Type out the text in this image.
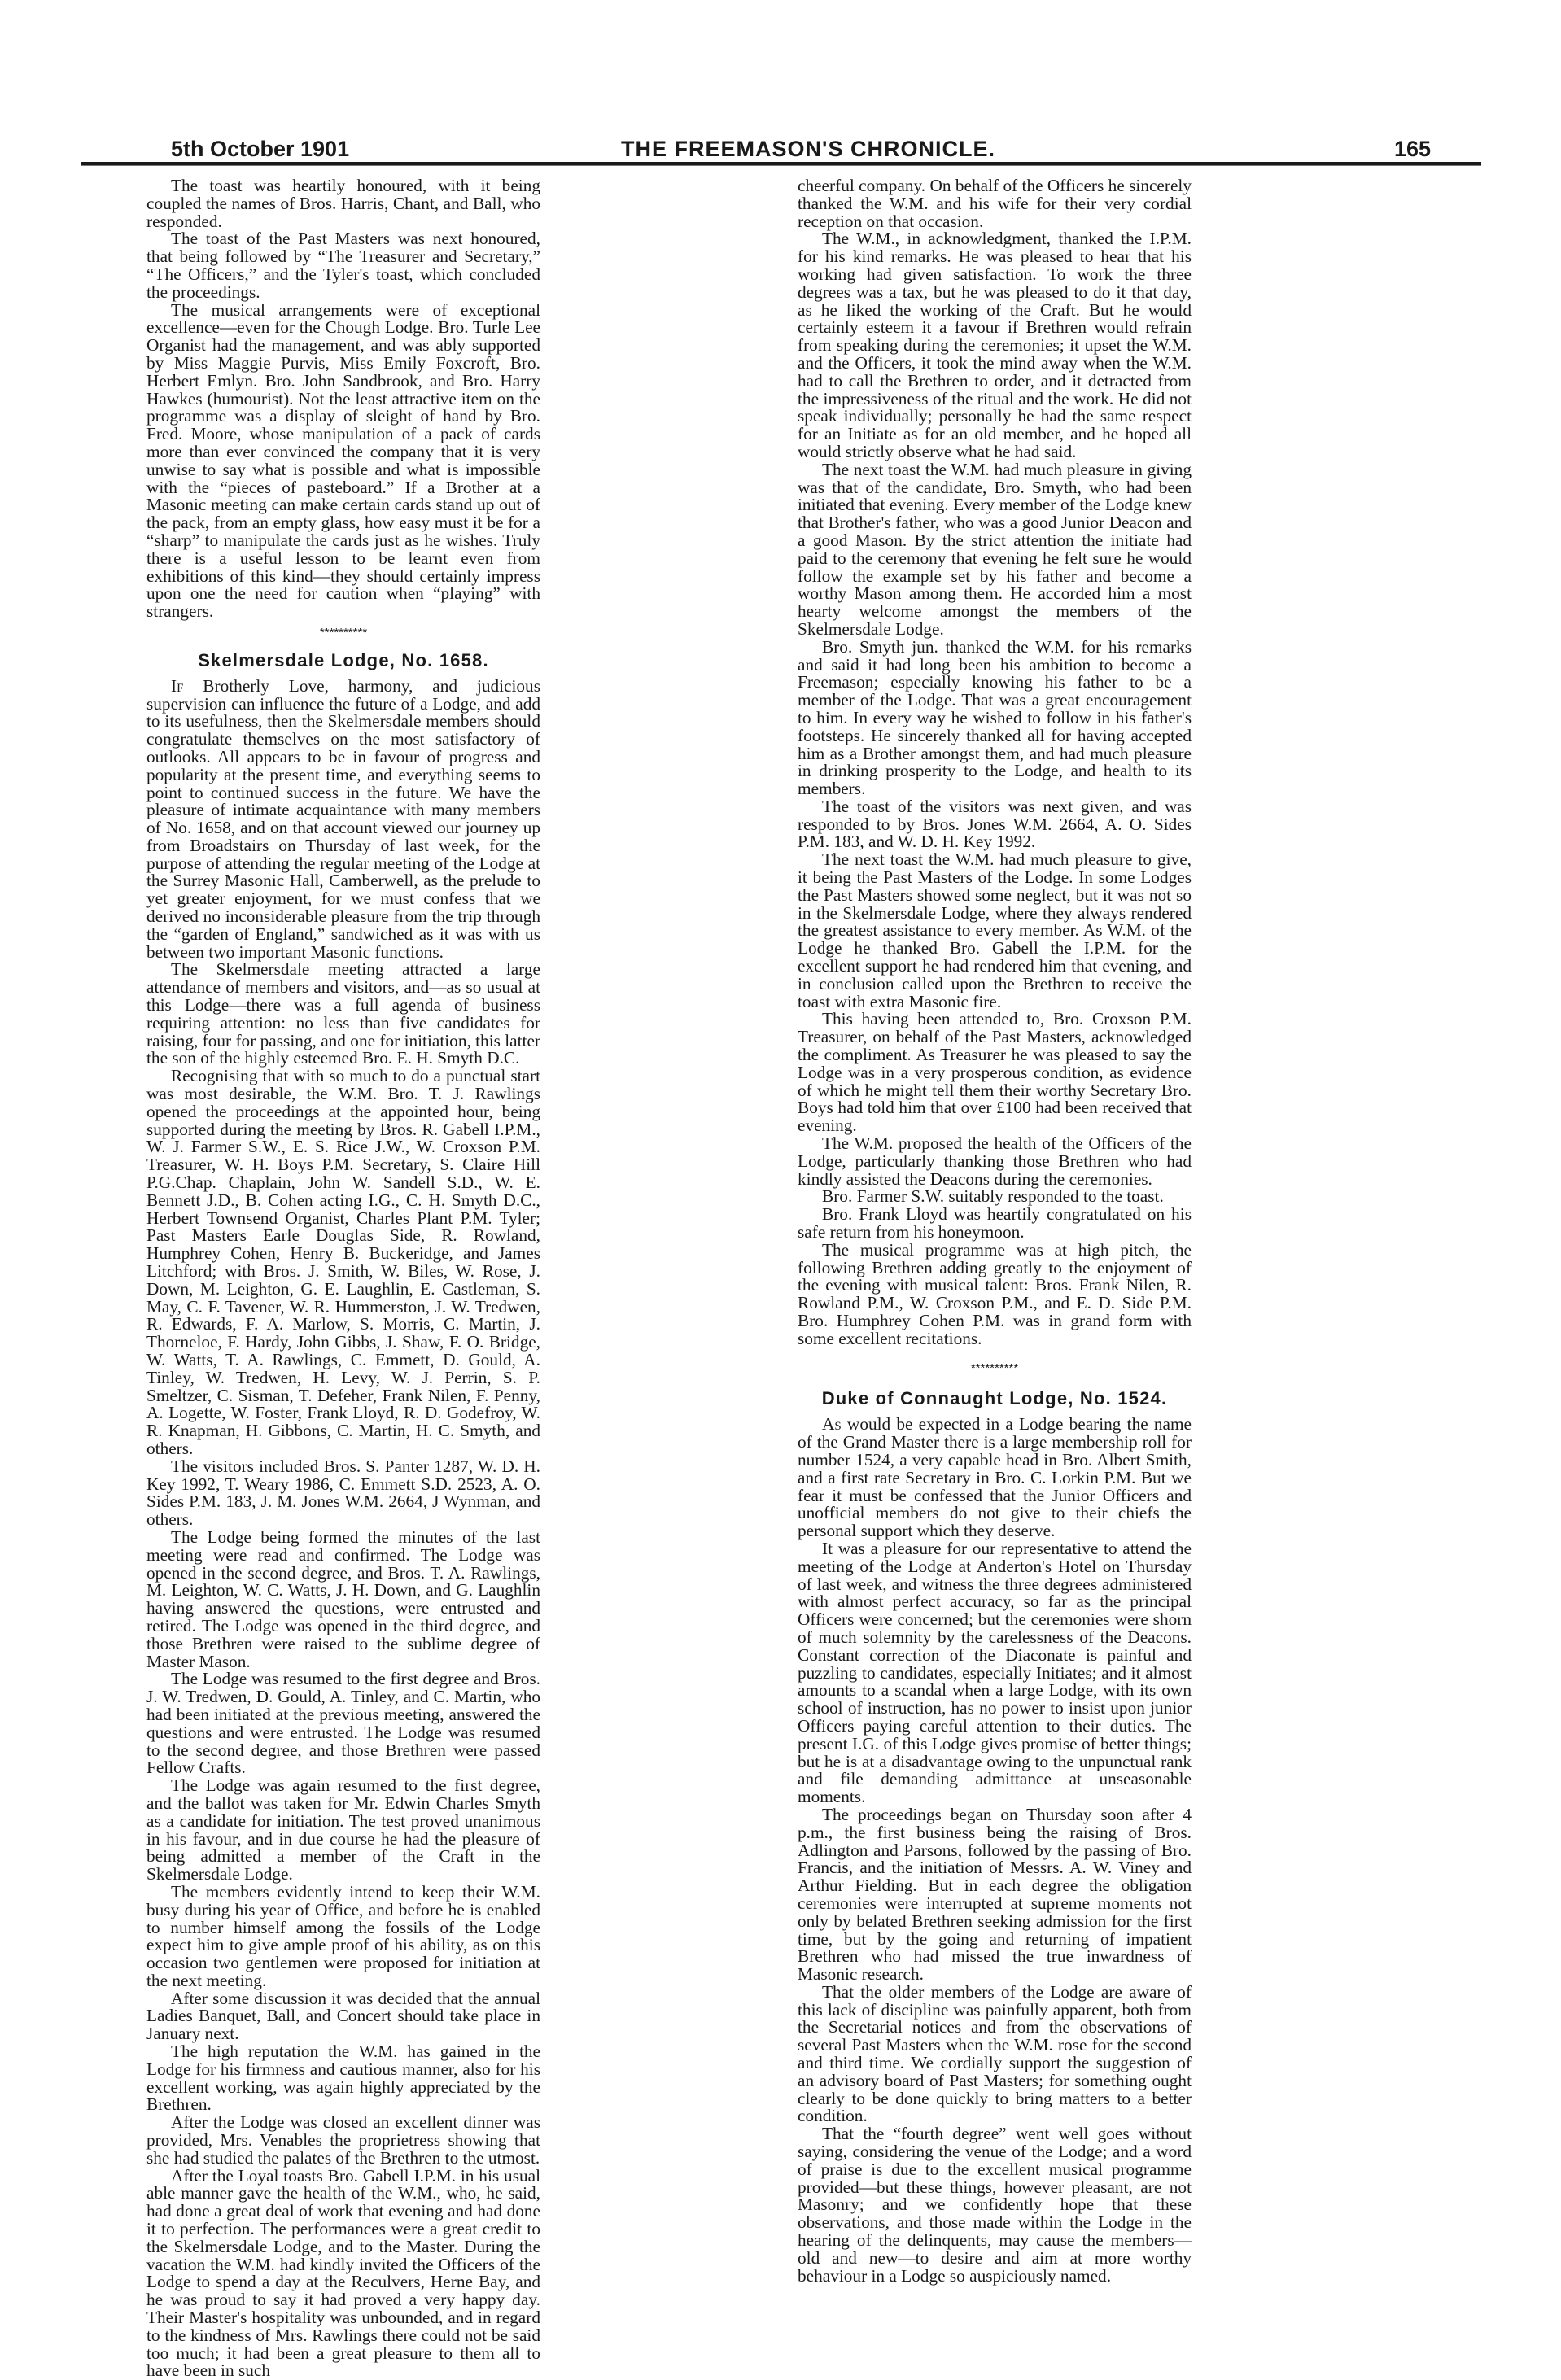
5th October 1901	THE FREEMASON'S CHRONICLE.	165

The toast was heartily honoured, with it being coupled the names of Bros. Harris, Chant, and Ball, who responded.

The toast of the Past Masters was next honoured, that being followed by “The Treasurer and Secretary,” “The Officers,” and the Tyler's toast, which concluded the proceedings.

The musical arrangements were of exceptional excellence—even for the Chough Lodge. Bro. Turle Lee Organist had the management, and was ably supported by Miss Maggie Purvis, Miss Emily Foxcroft, Bro. Herbert Emlyn. Bro. John Sandbrook, and Bro. Harry Hawkes (humourist). Not the least attractive item on the programme was a display of sleight of hand by Bro. Fred. Moore, whose manipulation of a pack of cards more than ever convinced the company that it is very unwise to say what is possible and what is impossible with the “pieces of pasteboard.” If a Brother at a Masonic meeting can make certain cards stand up out of the pack, from an empty glass, how easy must it be for a “sharp” to manipulate the cards just as he wishes. Truly there is a useful lesson to be learnt even from exhibitions of this kind—they should certainly impress upon one the need for caution when “playing” with strangers.

**********
Skelmersdale Lodge, No. 1658.

If Brotherly Love, harmony, and judicious supervision can influence the future of a Lodge, and add to its usefulness, then the Skelmersdale members should congratulate themselves on the most satisfactory of outlooks. All appears to be in favour of progress and popularity at the present time, and everything seems to point to continued success in the future. We have the pleasure of intimate acquaintance with many members of No. 1658, and on that account viewed our journey up from Broadstairs on Thursday of last week, for the purpose of attending the regular meeting of the Lodge at the Surrey Masonic Hall, Camberwell, as the prelude to yet greater enjoyment, for we must confess that we derived no inconsiderable pleasure from the trip through the “garden of England,” sandwiched as it was with us between two important Masonic functions.

The Skelmersdale meeting attracted a large attendance of members and visitors, and—as so usual at this Lodge—there was a full agenda of business requiring attention: no less than five candidates for raising, four for passing, and one for initiation, this latter the son of the highly esteemed Bro. E. H. Smyth D.C.

Recognising that with so much to do a punctual start was most desirable, the W.M. Bro. T. J. Rawlings opened the proceedings at the appointed hour, being supported during the meeting by Bros. R. Gabell I.P.M., W. J. Farmer S.W., E. S. Rice J.W., W. Croxson P.M. Treasurer, W. H. Boys P.M. Secretary, S. Claire Hill P.G.Chap. Chaplain, John W. Sandell S.D., W. E. Bennett J.D., B. Cohen acting I.G., C. H. Smyth D.C., Herbert Townsend Organist, Charles Plant P.M. Tyler; Past Masters Earle Douglas Side, R. Rowland, Humphrey Cohen, Henry B. Buckeridge, and James Litchford; with Bros. J. Smith, W. Biles, W. Rose, J. Down, M. Leighton, G. E. Laughlin, E. Castleman, S. May, C. F. Tavener, W. R. Hummerston, J. W. Tredwen, R. Edwards, F. A. Marlow, S. Morris, C. Martin, J. Thorneloe, F. Hardy, John Gibbs, J. Shaw, F. O. Bridge, W. Watts, T. A. Rawlings, C. Emmett, D. Gould, A. Tinley, W. Tredwen, H. Levy, W. J. Perrin, S. P. Smeltzer, C. Sisman, T. Defeher, Frank Nilen, F. Penny, A. Logette, W. Foster, Frank Lloyd, R. D. Godefroy, W. R. Knapman, H. Gibbons, C. Martin, H. C. Smyth, and others.

The visitors included Bros. S. Panter 1287, W. D. H. Key 1992, T. Weary 1986, C. Emmett S.D. 2523, A. O. Sides P.M. 183, J. M. Jones W.M. 2664, J Wynman, and others.

The Lodge being formed the minutes of the last meeting were read and confirmed. The Lodge was opened in the second degree, and Bros. T. A. Rawlings, M. Leighton, W. C. Watts, J. H. Down, and G. Laughlin having answered the questions, were entrusted and retired. The Lodge was opened in the third degree, and those Brethren were raised to the sublime degree of Master Mason.

The Lodge was resumed to the first degree and Bros. J. W. Tredwen, D. Gould, A. Tinley, and C. Martin, who had been initiated at the previous meeting, answered the questions and were entrusted. The Lodge was resumed to the second degree, and those Brethren were passed Fellow Crafts.

The Lodge was again resumed to the first degree, and the ballot was taken for Mr. Edwin Charles Smyth as a candidate for initiation. The test proved unanimous in his favour, and in due course he had the pleasure of being admitted a member of the Craft in the Skelmersdale Lodge.

The members evidently intend to keep their W.M. busy during his year of Office, and before he is enabled to number himself among the fossils of the Lodge expect him to give ample proof of his ability, as on this occasion two gentlemen were proposed for initiation at the next meeting.

After some discussion it was decided that the annual Ladies Banquet, Ball, and Concert should take place in January next.

The high reputation the W.M. has gained in the Lodge for his firmness and cautious manner, also for his excellent working, was again highly appreciated by the Brethren.

After the Lodge was closed an excellent dinner was provided, Mrs. Venables the proprietress showing that she had studied the palates of the Brethren to the utmost.

After the Loyal toasts Bro. Gabell I.P.M. in his usual able manner gave the health of the W.M., who, he said, had done a great deal of work that evening and had done it to perfection. The performances were a great credit to the Skelmersdale Lodge, and to the Master. During the vacation the W.M. had kindly invited the Officers of the Lodge to spend a day at the Reculvers, Herne Bay, and he was proud to say it had proved a very happy day. Their Master's hospitality was unbounded, and in regard to the kindness of Mrs. Rawlings there could not be said too much; it had been a great pleasure to them all to have been in such

cheerful company. On behalf of the Officers he sincerely thanked the W.M. and his wife for their very cordial reception on that occasion.

The W.M., in acknowledgment, thanked the I.P.M. for his kind remarks. He was pleased to hear that his working had given satisfaction. To work the three degrees was a tax, but he was pleased to do it that day, as he liked the working of the Craft. But he would certainly esteem it a favour if Brethren would refrain from speaking during the ceremonies; it upset the W.M. and the Officers, it took the mind away when the W.M. had to call the Brethren to order, and it detracted from the impressiveness of the ritual and the work. He did not speak individually; personally he had the same respect for an Initiate as for an old member, and he hoped all would strictly observe what he had said.

The next toast the W.M. had much pleasure in giving was that of the candidate, Bro. Smyth, who had been initiated that evening. Every member of the Lodge knew that Brother's father, who was a good Junior Deacon and a good Mason. By the strict attention the initiate had paid to the ceremony that evening he felt sure he would follow the example set by his father and become a worthy Mason among them. He accorded him a most hearty welcome amongst the members of the Skelmersdale Lodge.

Bro. Smyth jun. thanked the W.M. for his remarks and said it had long been his ambition to become a Freemason; especially knowing his father to be a member of the Lodge. That was a great encouragement to him. In every way he wished to follow in his father's footsteps. He sincerely thanked all for having accepted him as a Brother amongst them, and had much pleasure in drinking prosperity to the Lodge, and health to its members.

The toast of the visitors was next given, and was responded to by Bros. Jones W.M. 2664, A. O. Sides P.M. 183, and W. D. H. Key 1992.

The next toast the W.M. had much pleasure to give, it being the Past Masters of the Lodge. In some Lodges the Past Masters showed some neglect, but it was not so in the Skelmersdale Lodge, where they always rendered the greatest assistance to every member. As W.M. of the Lodge he thanked Bro. Gabell the I.P.M. for the excellent support he had rendered him that evening, and in conclusion called upon the Brethren to receive the toast with extra Masonic fire.

This having been attended to, Bro. Croxson P.M. Treasurer, on behalf of the Past Masters, acknowledged the compliment. As Treasurer he was pleased to say the Lodge was in a very prosperous condition, as evidence of which he might tell them their worthy Secretary Bro. Boys had told him that over £100 had been received that evening.

The W.M. proposed the health of the Officers of the Lodge, particularly thanking those Brethren who had kindly assisted the Deacons during the ceremonies.

Bro. Farmer S.W. suitably responded to the toast.

Bro. Frank Lloyd was heartily congratulated on his safe return from his honeymoon.

The musical programme was at high pitch, the following Brethren adding greatly to the enjoyment of the evening with musical talent: Bros. Frank Nilen, R. Rowland P.M., W. Croxson P.M., and E. D. Side P.M. Bro. Humphrey Cohen P.M. was in grand form with some excellent recitations.

**********
Duke of Connaught Lodge, No. 1524.

As would be expected in a Lodge bearing the name of the Grand Master there is a large membership roll for number 1524, a very capable head in Bro. Albert Smith, and a first rate Secretary in Bro. C. Lorkin P.M. But we fear it must be confessed that the Junior Officers and unofficial members do not give to their chiefs the personal support which they deserve.

It was a pleasure for our representative to attend the meeting of the Lodge at Anderton's Hotel on Thursday of last week, and witness the three degrees administered with almost perfect accuracy, so far as the principal Officers were concerned; but the ceremonies were shorn of much solemnity by the carelessness of the Deacons. Constant correction of the Diaconate is painful and puzzling to candidates, especially Initiates; and it almost amounts to a scandal when a large Lodge, with its own school of instruction, has no power to insist upon junior Officers paying careful attention to their duties. The present I.G. of this Lodge gives promise of better things; but he is at a disadvantage owing to the unpunctual rank and file demanding admittance at unseasonable moments.

The proceedings began on Thursday soon after 4 p.m., the first business being the raising of Bros. Adlington and Parsons, followed by the passing of Bro. Francis, and the initiation of Messrs. A. W. Viney and Arthur Fielding. But in each degree the obligation ceremonies were interrupted at supreme moments not only by belated Brethren seeking admission for the first time, but by the going and returning of impatient Brethren who had missed the true inwardness of Masonic research.

That the older members of the Lodge are aware of this lack of discipline was painfully apparent, both from the Secretarial notices and from the observations of several Past Masters when the W.M. rose for the second and third time. We cordially support the suggestion of an advisory board of Past Masters; for something ought clearly to be done quickly to bring matters to a better condition.

That the “fourth degree” went well goes without saying, considering the venue of the Lodge; and a word of praise is due to the excellent musical programme provided—but these things, however pleasant, are not Masonry; and we confidently hope that these observations, and those made within the Lodge in the hearing of the delinquents, may cause the members—old and new—to desire and aim at more worthy behaviour in a Lodge so auspiciously named.
